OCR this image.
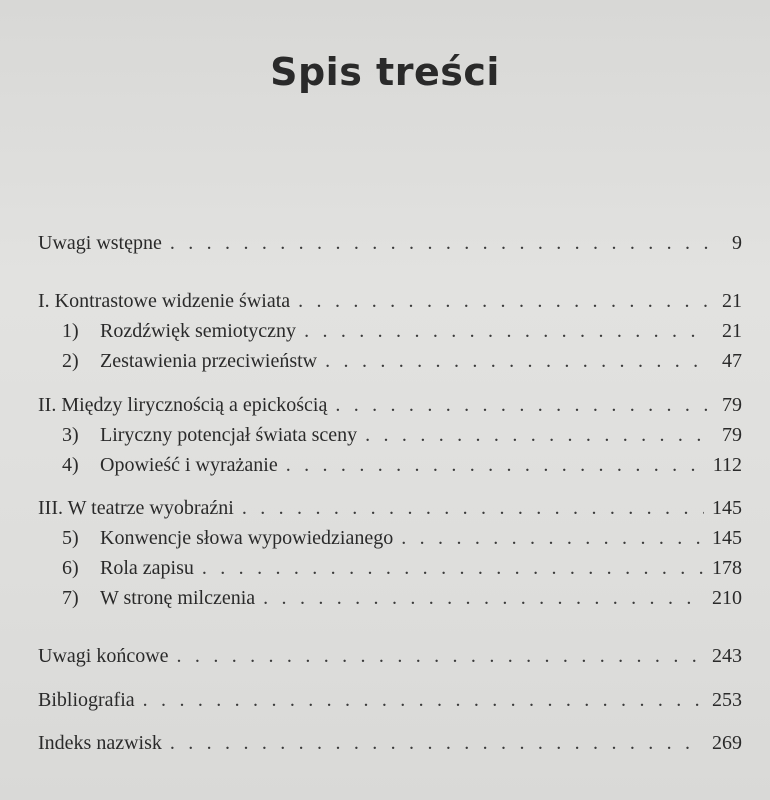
Spis treści
Uwagi wstępne . . .	9
I. Kontrastowe widzenie świata . . .	21
1)	Rozdźwięk semiotyczny . . .	21
2)	Zestawienia przeciwieństw . . .	47
II. Między lirycznością a epickością . . .	79
3)	Liryczny potencjał świata sceny . . .	79
4)	Opowieść i wyrażanie . . .	112
III. W teatrze wyobraźni . . .	145
5)	Konwencje słowa wypowiedzianego . . .	145
6)	Rola zapisu . . .	178
7)	W stronę milczenia . . .	210
Uwagi końcowe . . .	243
Bibliografia . . .	253
Indeks nazwisk . . .	269
